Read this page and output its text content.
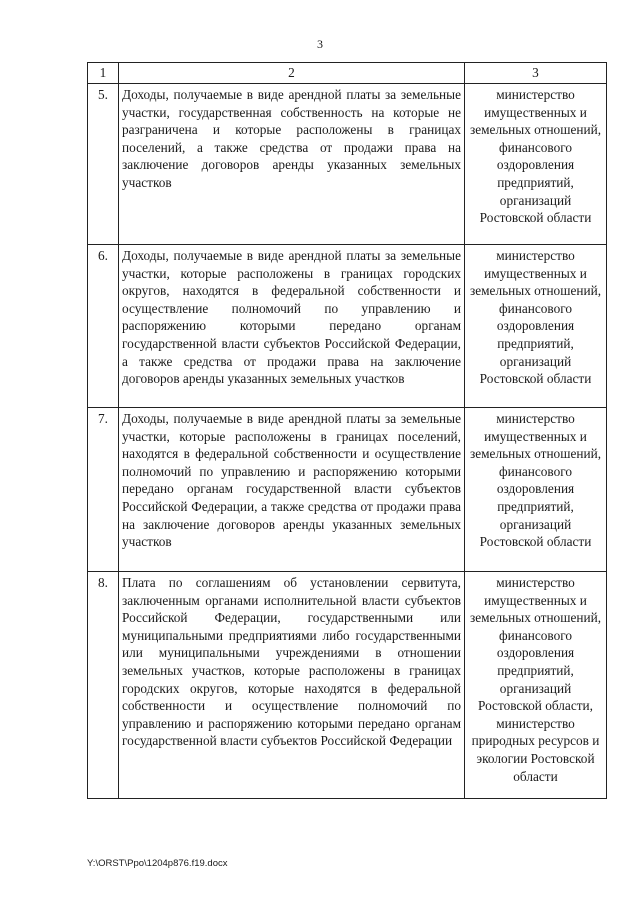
3
1	2	3
5.	Доходы, получаемые в виде арендной платы за земельные участки, государственная собственность на которые не разграничена и которые расположены в границах поселений, а также средства от продажи права на заключение договоров аренды указанных земельных участков	министерство имущественных и земельных отношений, финансового оздоровления предприятий, организаций Ростовской области
6.	Доходы, получаемые в виде арендной платы за земельные участки, которые расположены в границах городских округов, находятся в федеральной собственности и осуществление полномочий по управлению и распоряжению которыми передано органам государственной власти субъектов Российской Федерации, а также средства от продажи права на заключение договоров аренды указанных земельных участков	министерство имущественных и земельных отношений, финансового оздоровления предприятий, организаций Ростовской области
7.	Доходы, получаемые в виде арендной платы за земельные участки, которые расположены в границах поселений, находятся в федеральной собственности и осуществление полномочий по управлению и распоряжению которыми передано органам государственной власти субъектов Российской Федерации, а также средства от продажи права на заключение договоров аренды указанных земельных участков	министерство имущественных и земельных отношений, финансового оздоровления предприятий, организаций Ростовской области
8.	Плата по соглашениям об установлении сервитута, заключенным органами исполнительной власти субъектов Российской Федерации, государственными или муниципальными предприятиями либо государственными или муниципальными учреждениями в отношении земельных участков, которые расположены в границах городских округов, которые находятся в федеральной собственности и осуществление полномочий по управлению и распоряжению которыми передано органам государственной власти субъектов Российской Федерации	министерство имущественных и земельных отношений, финансового оздоровления предприятий, организаций Ростовской области, министерство природных ресурсов и экологии Ростовской области
Y:\ORST\Ppo\1204p876.f19.docx
